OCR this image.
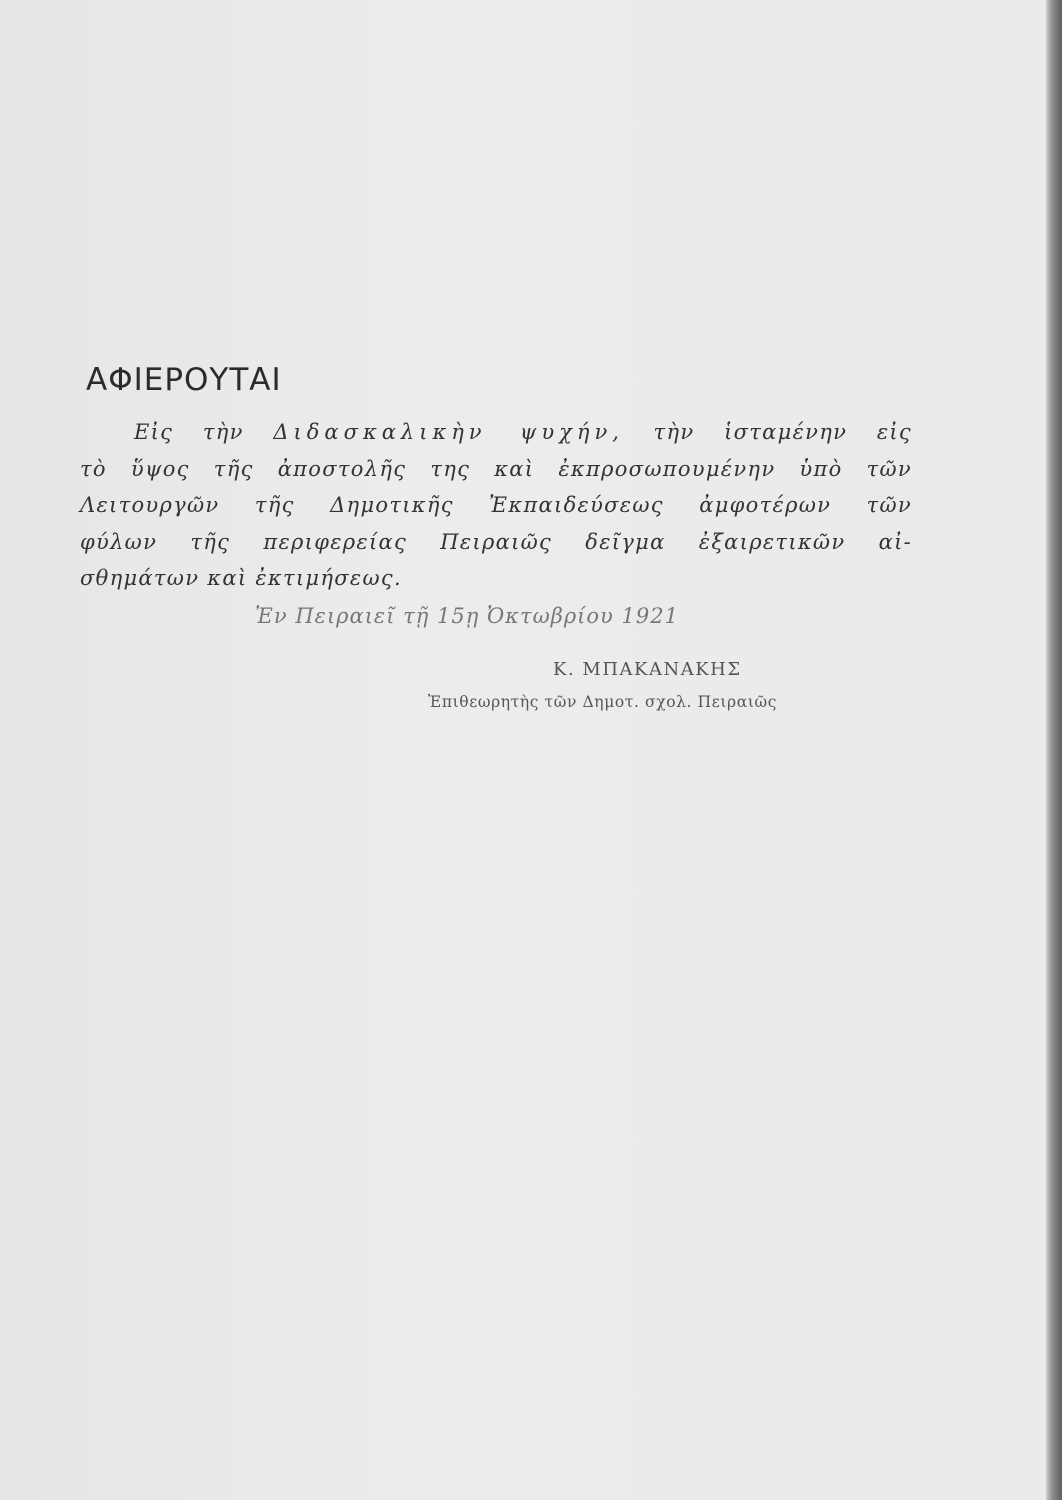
ΑΦΙΕΡΟΥΤΑΙ
Εἰς τὴν Διδασκαλικὴν ψυχήν, τὴν ἱσταμένην εἰς
τὸ ὕψος τῆς ἀποστολῆς της καὶ ἐκπροσωπουμένην ὑπὸ τῶν
Λειτουργῶν τῆς Δημοτικῆς Ἐκπαιδεύσεως ἀμφοτέρων τῶν
φύλων τῆς περιφερείας Πειραιῶς δεῖγμα ἐξαιρετικῶν αἰ-
σθημάτων καὶ ἐκτιμήσεως.
Ἐν Πειραιεῖ τῇ 15ῃ Ὀκτωβρίου 1921
Κ. ΜΠΑΚΑΝΑΚΗΣ
Ἐπιθεωρητὴς τῶν Δημοτ. σχολ. Πειραιῶς
